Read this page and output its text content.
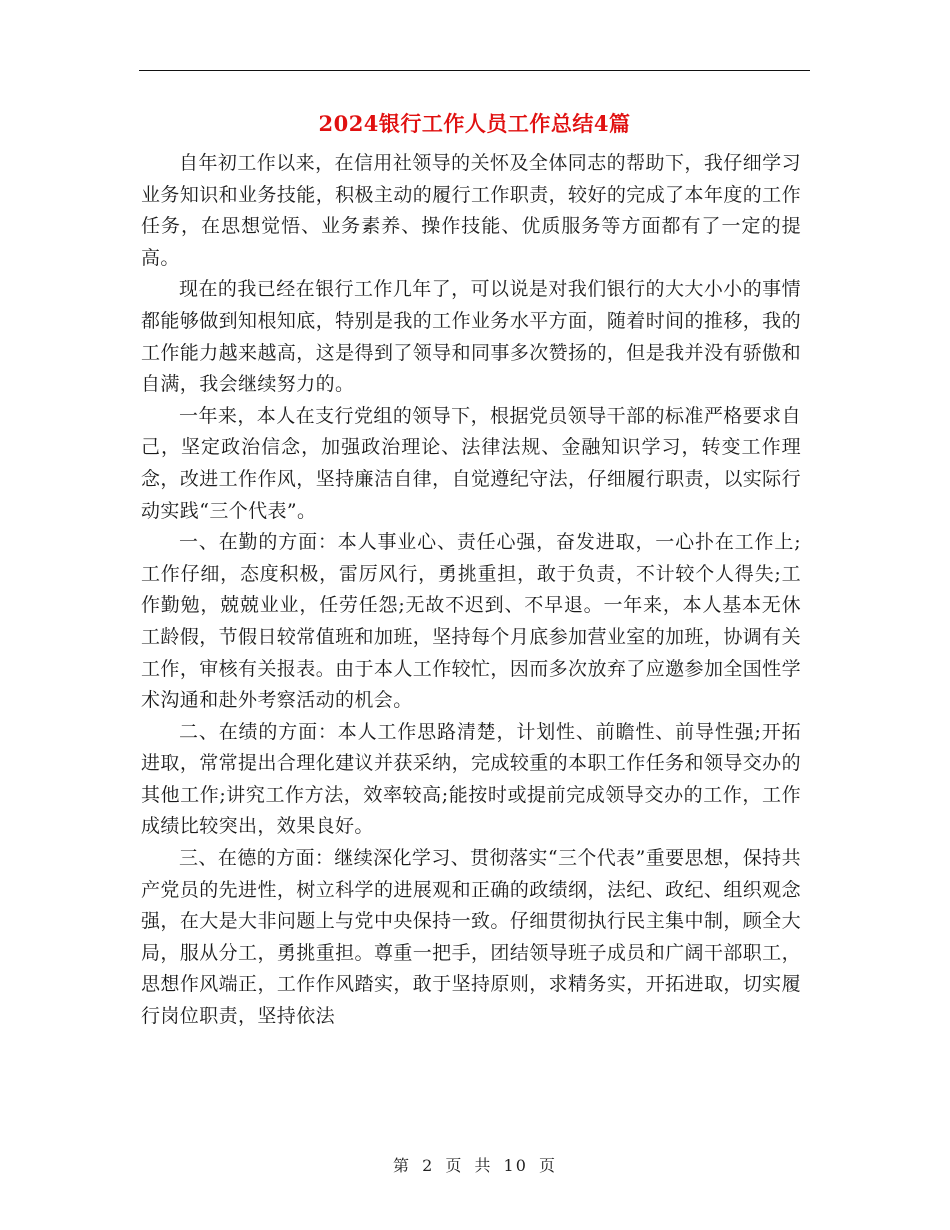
2024银行工作人员工作总结4篇

自年初工作以来，在信用社领导的关怀及全体同志的帮助下，我仔细学习业务知识和业务技能，积极主动的履行工作职责，较好的完成了本年度的工作任务，在思想觉悟、业务素养、操作技能、优质服务等方面都有了一定的提高。

现在的我已经在银行工作几年了，可以说是对我们银行的大大小小的事情都能够做到知根知底，特别是我的工作业务水平方面，随着时间的推移，我的工作能力越来越高，这是得到了领导和同事多次赞扬的，但是我并没有骄傲和自满，我会继续努力的。

一年来，本人在支行党组的领导下，根据党员领导干部的标准严格要求自己，坚定政治信念，加强政治理论、法律法规、金融知识学习，转变工作理念，改进工作作风，坚持廉洁自律，自觉遵纪守法，仔细履行职责，以实际行动实践“三个代表”。

一、在勤的方面：本人事业心、责任心强，奋发进取，一心扑在工作上;工作仔细，态度积极，雷厉风行，勇挑重担，敢于负责，不计较个人得失;工作勤勉，兢兢业业，任劳任怨;无故不迟到、不早退。一年来，本人基本无休工龄假，节假日较常值班和加班，坚持每个月底参加营业室的加班，协调有关工作，审核有关报表。由于本人工作较忙，因而多次放弃了应邀参加全国性学术沟通和赴外考察活动的机会。

二、在绩的方面：本人工作思路清楚，计划性、前瞻性、前导性强;开拓进取，常常提出合理化建议并获采纳，完成较重的本职工作任务和领导交办的其他工作;讲究工作方法，效率较高;能按时或提前完成领导交办的工作，工作成绩比较突出，效果良好。

三、在德的方面：继续深化学习、贯彻落实“三个代表”重要思想，保持共产党员的先进性，树立科学的进展观和正确的政绩纲，法纪、政纪、组织观念强，在大是大非问题上与党中央保持一致。仔细贯彻执行民主集中制，顾全大局，服从分工，勇挑重担。尊重一把手，团结领导班子成员和广阔干部职工，思想作风端正，工作作风踏实，敢于坚持原则，求精务实，开拓进取，切实履行岗位职责，坚持依法

第 2 页 共 10 页
